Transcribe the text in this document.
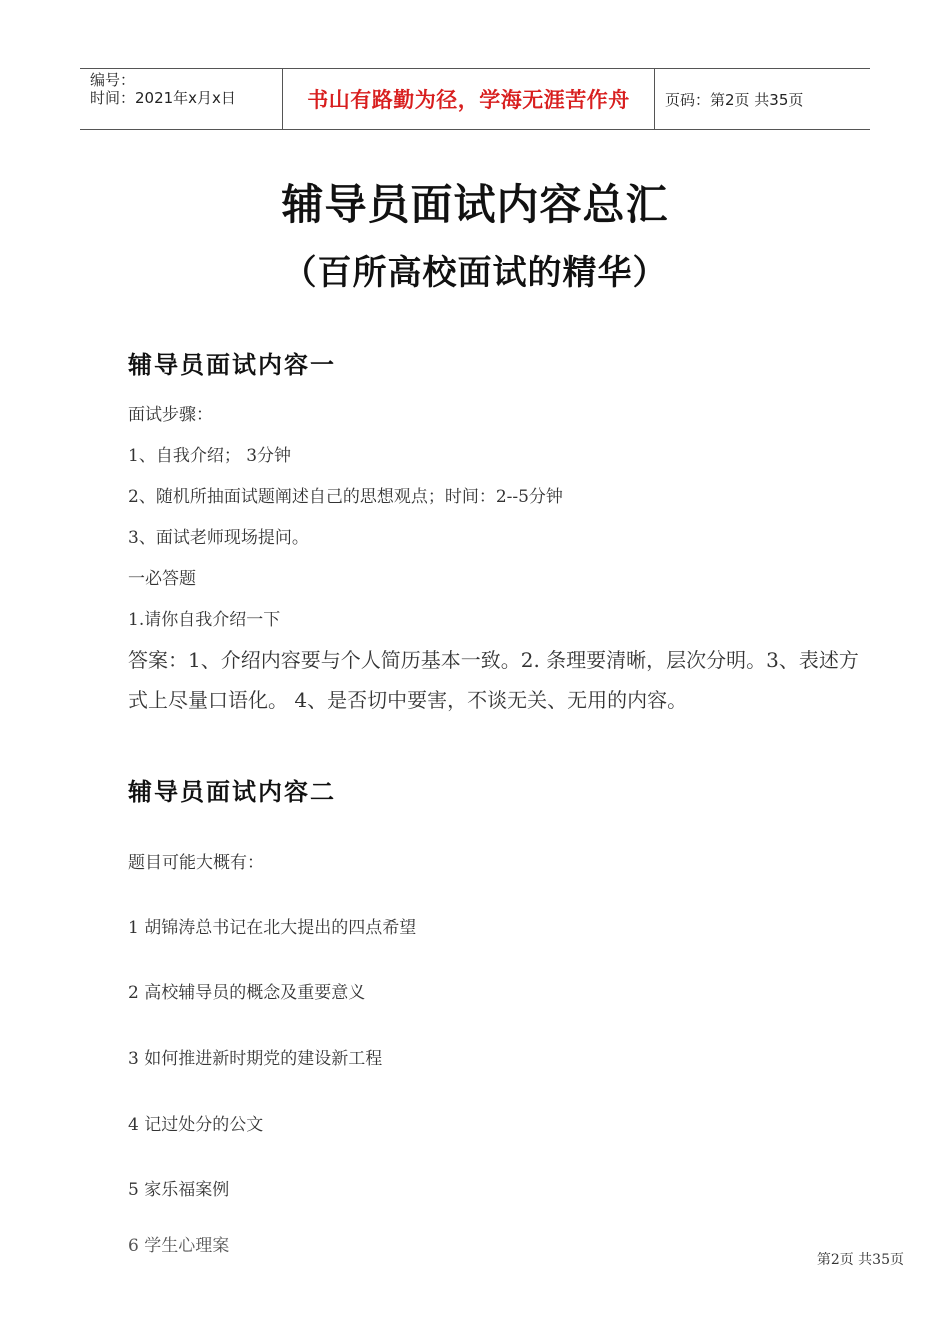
编号：
时间：2021年x月x日	书山有路勤为径，学海无涯苦作舟	页码：第2页 共35页
辅导员面试内容总汇
（百所高校面试的精华）
辅导员面试内容一
面试步骤：
1、自我介绍； 3分钟
2、随机所抽面试题阐述自己的思想观点；时间：2--5分钟
3、面试老师现场提问。
一必答题
1.请你自我介绍一下
答案：1、介绍内容要与个人简历基本一致。2. 条理要清晰，层次分明。3、表述方式上尽量口语化。 4、是否切中要害，不谈无关、无用的内容。
辅导员面试内容二
题目可能大概有：
1 胡锦涛总书记在北大提出的四点希望
2 高校辅导员的概念及重要意义
3 如何推进新时期党的建设新工程
4 记过处分的公文
5 家乐福案例
6 学生心理案
第2页 共35页
